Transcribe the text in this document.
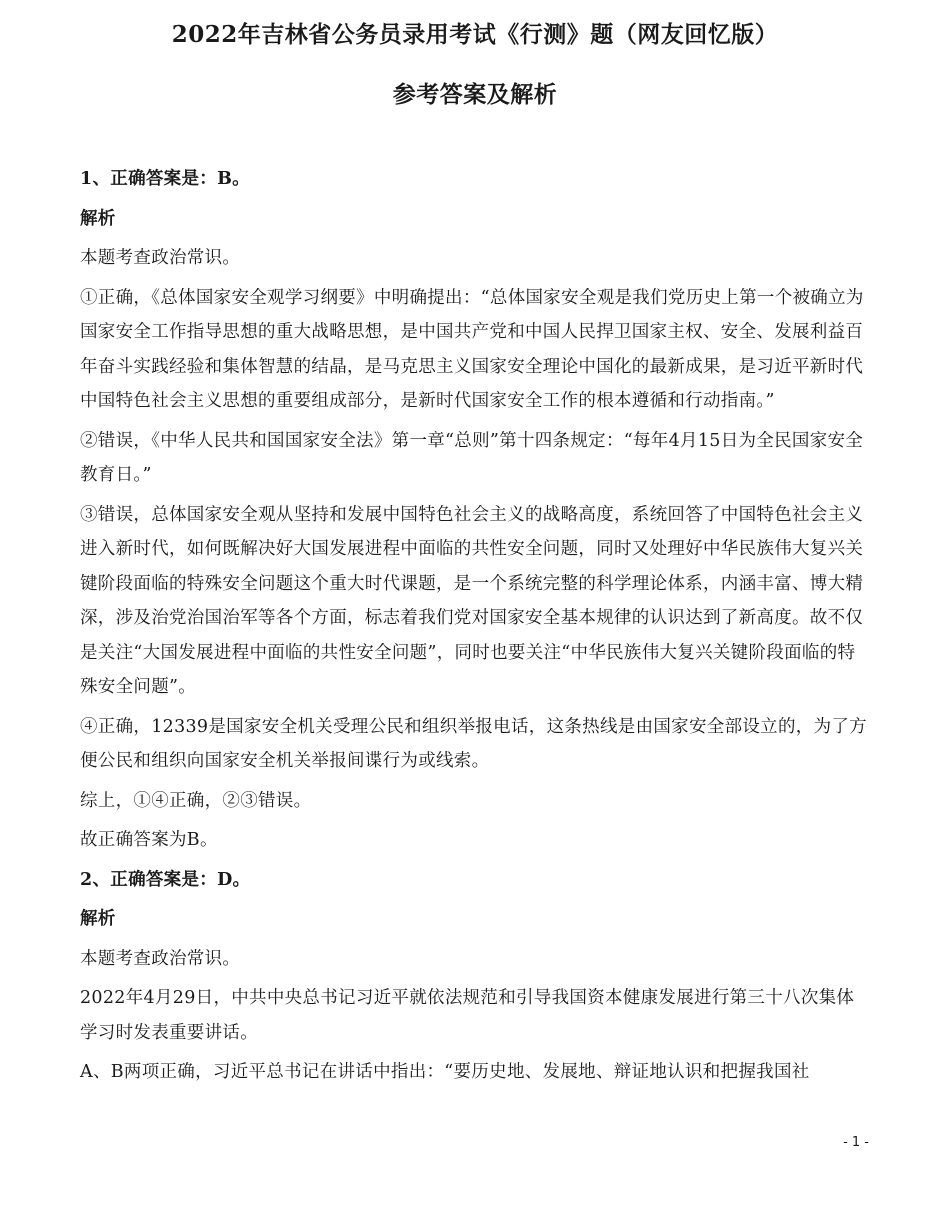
2022年吉林省公务员录用考试《行测》题（网友回忆版）
参考答案及解析

1、正确答案是：B。

解析

本题考查政治常识。

①正确，《总体国家安全观学习纲要》中明确提出：“总体国家安全观是我们党历史上第一个被确立为国家安全工作指导思想的重大战略思想，是中国共产党和中国人民捍卫国家主权、安全、发展利益百年奋斗实践经验和集体智慧的结晶，是马克思主义国家安全理论中国化的最新成果，是习近平新时代中国特色社会主义思想的重要组成部分，是新时代国家安全工作的根本遵循和行动指南。”

②错误，《中华人民共和国国家安全法》第一章“总则”第十四条规定：“每年4月15日为全民国家安全教育日。”

③错误，总体国家安全观从坚持和发展中国特色社会主义的战略高度，系统回答了中国特色社会主义进入新时代，如何既解决好大国发展进程中面临的共性安全问题，同时又处理好中华民族伟大复兴关键阶段面临的特殊安全问题这个重大时代课题，是一个系统完整的科学理论体系，内涵丰富、博大精深，涉及治党治国治军等各个方面，标志着我们党对国家安全基本规律的认识达到了新高度。故不仅是关注“大国发展进程中面临的共性安全问题”，同时也要关注“中华民族伟大复兴关键阶段面临的特殊安全问题”。

④正确，12339是国家安全机关受理公民和组织举报电话，这条热线是由国家安全部设立的，为了方便公民和组织向国家安全机关举报间谍行为或线索。

综上，①④正确，②③错误。

故正确答案为B。

2、正确答案是：D。

解析

本题考查政治常识。

2022年4月29日，中共中央总书记习近平就依法规范和引导我国资本健康发展进行第三十八次集体学习时发表重要讲话。

A、B两项正确，习近平总书记在讲话中指出：“要历史地、发展地、辩证地认识和把握我国社

- 1 -
